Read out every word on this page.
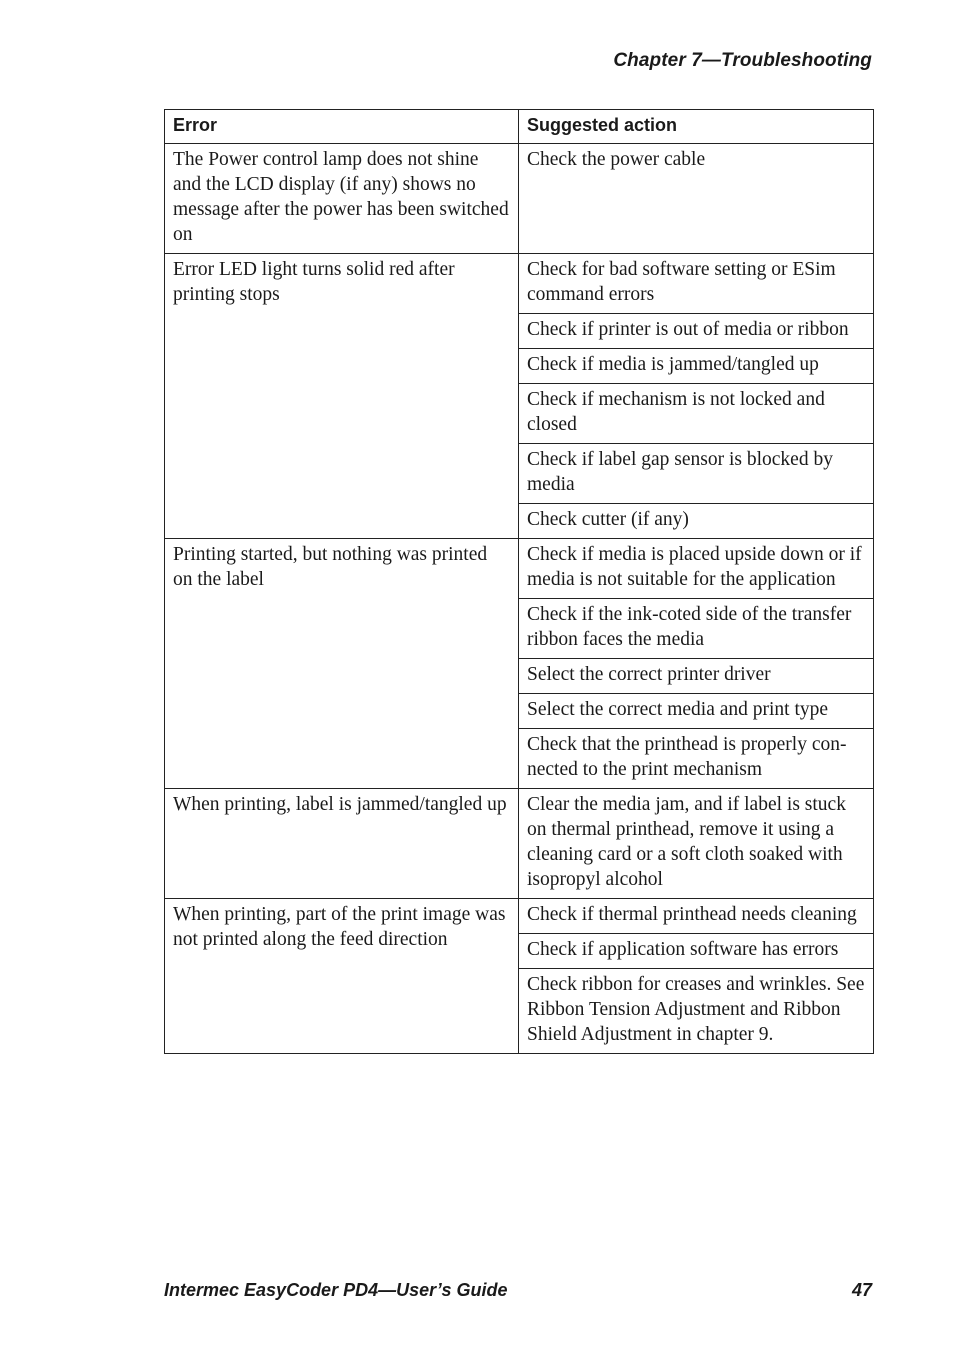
Chapter 7—Troubleshooting
Error	Suggested action
The Power control lamp does not shine and the LCD display (if any) shows no message after the power has been switched on	Check the power cable
Error LED light turns solid red after printing stops	Check for bad software setting or ESim command errors
	Check if printer is out of media or ribbon
	Check if media is jammed/tangled up
	Check if mechanism is not locked and closed
	Check if label gap sensor is blocked by media
	Check cutter (if any)
Printing started, but nothing was printed on the label	Check if media is placed upside down or if media is not suitable for the application
	Check if the ink-coted side of the transfer ribbon faces the media
	Select the correct printer driver
	Select the correct media and print type
	Check that the printhead is properly con-nected to the print mechanism
When printing, label is jammed/tangled up	Clear the media jam, and if label is stuck on thermal printhead, remove it using a cleaning card or a soft cloth soaked with isopropyl alcohol
When printing, part of the print image was not printed along the feed direction	Check if thermal printhead needs cleaning
	Check if application software has errors
	Check ribbon for creases and wrinkles. See Ribbon Tension Adjustment and Ribbon Shield Adjustment in chapter 9.
Intermec EasyCoder PD4—User’s Guide	47
